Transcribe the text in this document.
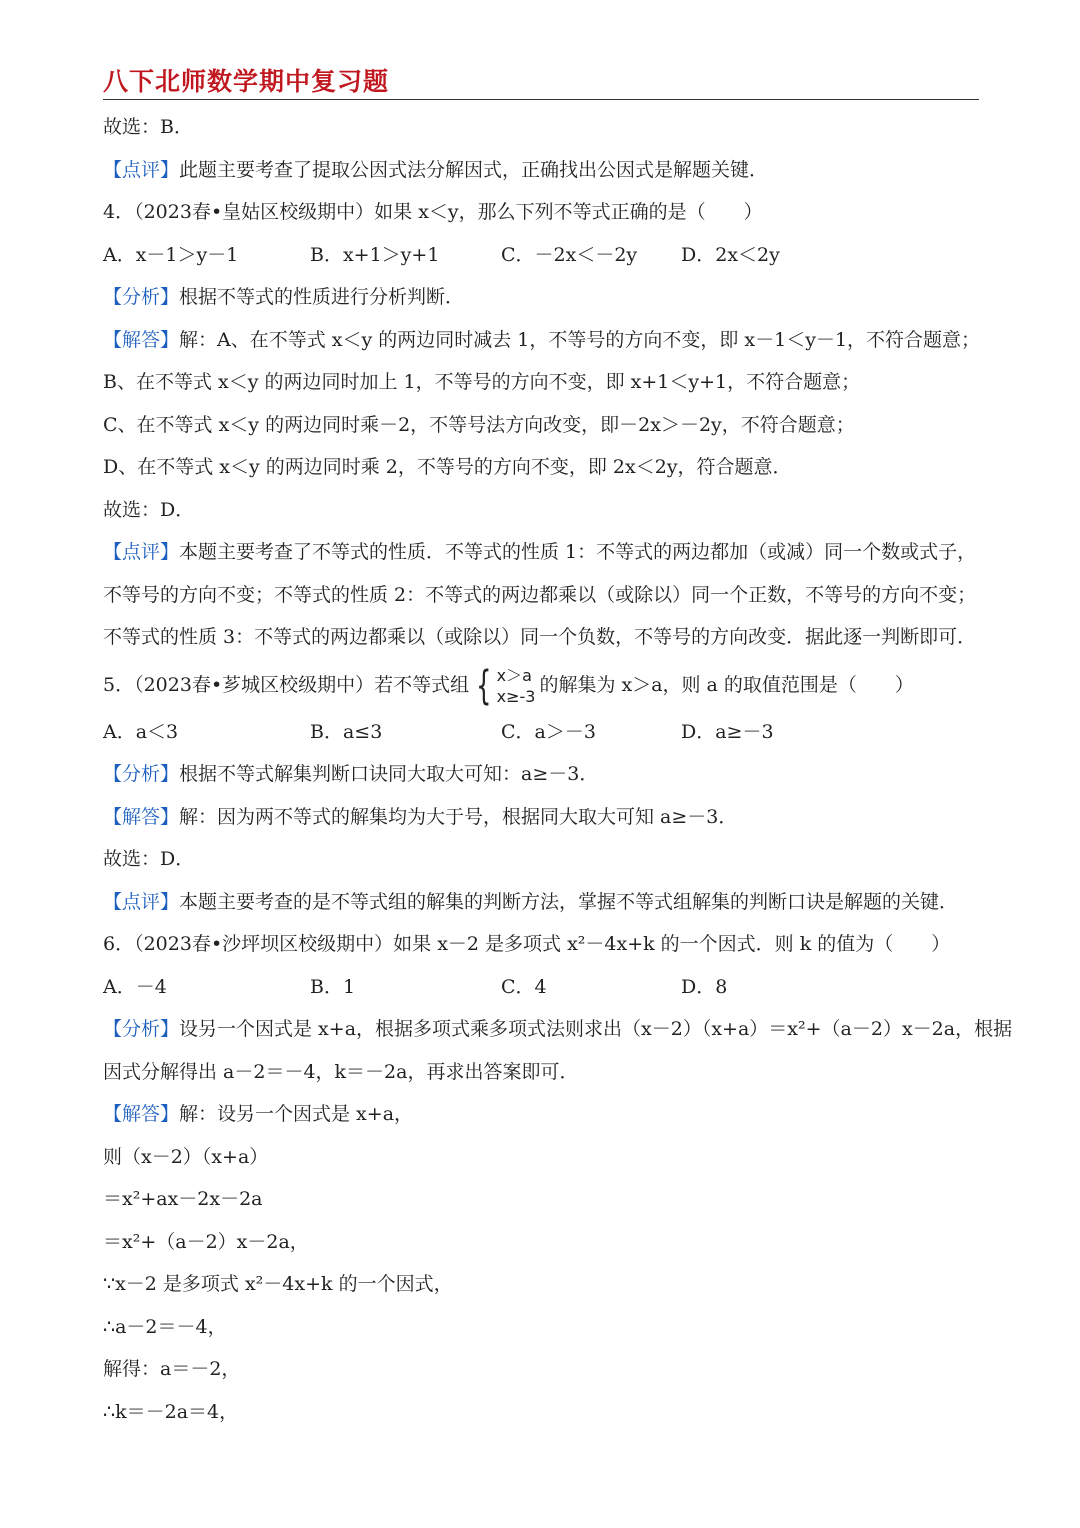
八下北师数学期中复习题
故选：B．
【点评】此题主要考查了提取公因式法分解因式，正确找出公因式是解题关键．
4．（2023春•皇姑区校级期中）如果 x＜y，那么下列不等式正确的是（　　）
A．x－1＞y－1	B．x+1＞y+1	C．－2x＜－2y	D．2x＜2y
【分析】根据不等式的性质进行分析判断．
【解答】解：A、在不等式 x＜y 的两边同时减去 1，不等号的方向不变，即 x－1＜y－1，不符合题意；
B、在不等式 x＜y 的两边同时加上 1，不等号的方向不变，即 x+1＜y+1，不符合题意；
C、在不等式 x＜y 的两边同时乘－2，不等号法方向改变，即－2x＞－2y，不符合题意；
D、在不等式 x＜y 的两边同时乘 2，不等号的方向不变，即 2x＜2y，符合题意．
故选：D．
【点评】本题主要考查了不等式的性质．不等式的性质 1：不等式的两边都加（或减）同一个数或式子，
不等号的方向不变；不等式的性质 2：不等式的两边都乘以（或除以）同一个正数，不等号的方向不变；
不等式的性质 3：不等式的两边都乘以（或除以）同一个负数，不等号的方向改变．据此逐一判断即可．
5．（2023春•芗城区校级期中）若不等式组 { x＞a
x≥-3
的解集为 x＞a，则 a 的取值范围是（　　）
A．a＜3	B．a≤3	C．a＞－3	D．a≥－3
【分析】根据不等式解集判断口诀同大取大可知：a≥－3．
【解答】解：因为两不等式的解集均为大于号，根据同大取大可知 a≥－3．
故选：D．
【点评】本题主要考查的是不等式组的解集的判断方法，掌握不等式组解集的判断口诀是解题的关键．
6．（2023春•沙坪坝区校级期中）如果 x－2 是多项式 x²－4x+k 的一个因式．则 k 的值为（　　）
A．－4	B．1	C．4	D．8
【分析】设另一个因式是 x+a，根据多项式乘多项式法则求出（x－2）（x+a）＝x²+（a－2）x－2a，根据
因式分解得出 a－2＝－4，k＝－2a，再求出答案即可．
【解答】解：设另一个因式是 x+a，
则（x－2）（x+a）
＝x²+ax－2x－2a
＝x²+（a－2）x－2a，
∵x－2 是多项式 x²－4x+k 的一个因式，
∴a－2＝－4，
解得：a＝－2，
∴k＝－2a＝4，
